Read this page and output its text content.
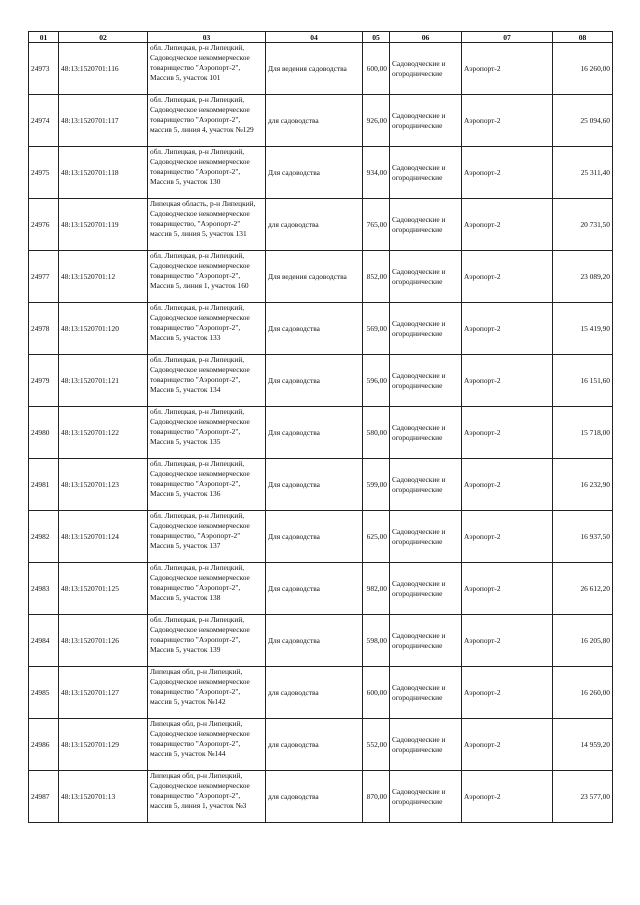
01	02	03	04	05	06	07	08
24973	48:13:1520701:116	обл. Липецкая, р-н Липецкий, Садоводческое некоммерческое товарищество "Аэропорт-2", Массив 5, участок 101	Для ведения садоводства	600,00	Садоводческие и огороднические	Аэропорт-2	16 260,00
24974	48:13:1520701:117	обл. Липецкая, р-н Липецкий, Садоводческое некоммерческое товарищество "Аэропорт-2", массив 5, линия 4, участок №129	для садоводства	926,00	Садоводческие и огороднические	Аэропорт-2	25 094,60
24975	48:13:1520701:118	обл. Липецкая, р-н Липецкий, Садоводческое некоммерческое товарищество "Аэропорт-2", Массив 5, участок 130	Для садоводства	934,00	Садоводческие и огороднические	Аэропорт-2	25 311,40
24976	48:13:1520701:119	Липецкая область, р-н Липецкий, Садоводческое некоммерческое товарищество, "Аэропорт-2" массив 5, линия 5, участок 131	для садоводства	765,00	Садоводческие и огороднические	Аэропорт-2	20 731,50
24977	48:13:1520701:12	обл. Липецкая, р-н Липецкий, Садоводческое некоммерческое товарищество "Аэропорт-2", Массив 5, линия 1, участок 160	Для ведения садоводства	852,00	Садоводческие и огороднические	Аэропорт-2	23 089,20
24978	48:13:1520701:120	обл. Липецкая, р-н Липецкий, Садоводческое некоммерческое товарищество "Аэропорт-2", Массив 5, участок 133	Для садоводства	569,00	Садоводческие и огороднические	Аэропорт-2	15 419,90
24979	48:13:1520701:121	обл. Липецкая, р-н Липецкий, Садоводческое некоммерческое товарищество "Аэропорт-2", Массив 5, участок 134	Для садоводства	596,00	Садоводческие и огороднические	Аэропорт-2	16 151,60
24980	48:13:1520701:122	обл. Липецкая, р-н Липецкий, Садоводческое некоммерческое товарищество "Аэропорт-2", Массив 5, участок 135	Для садоводства	580,00	Садоводческие и огороднические	Аэропорт-2	15 718,00
24981	48:13:1520701:123	обл. Липецкая, р-н Липецкий, Садоводческое некоммерческое товарищество "Аэропорт-2", Массив 5, участок 136	Для садоводства	599,00	Садоводческие и огороднические	Аэропорт-2	16 232,90
24982	48:13:1520701:124	обл. Липецкая, р-н Липецкий, Садоводческое некоммерческое товарищество, "Аэропорт-2" Массив 5, участок 137	Для садоводства	625,00	Садоводческие и огороднические	Аэропорт-2	16 937,50
24983	48:13:1520701:125	обл. Липецкая, р-н Липецкий, Садоводческое некоммерческое товарищество "Аэропорт-2", Массив 5, участок 138	Для садоводства	982,00	Садоводческие и огороднические	Аэропорт-2	26 612,20
24984	48:13:1520701:126	обл. Липецкая, р-н Липецкий, Садоводческое некоммерческое товарищество "Аэропорт-2", Массив 5, участок 139	Для садоводства	598,00	Садоводческие и огороднические	Аэропорт-2	16 205,80
24985	48:13:1520701:127	Липецкая обл, р-н Липецкий, Садоводческое некоммерческое товарищество "Аэропорт-2", массив 5, участок №142	для садоводства	600,00	Садоводческие и огороднические	Аэропорт-2	16 260,00
24986	48:13:1520701:129	Липецкая обл, р-н Липецкий, Садоводческое некоммерческое товарищество "Аэропорт-2", массив 5, участок №144	для садоводства	552,00	Садоводческие и огороднические	Аэропорт-2	14 959,20
24987	48:13:1520701:13	Липецкая обл, р-н Липецкий, Садоводческое некоммерческое товарищество "Аэропорт-2", массив 5, линия 1, участок №3	для садоводства	870,00	Садоводческие и огороднические	Аэропорт-2	23 577,00
